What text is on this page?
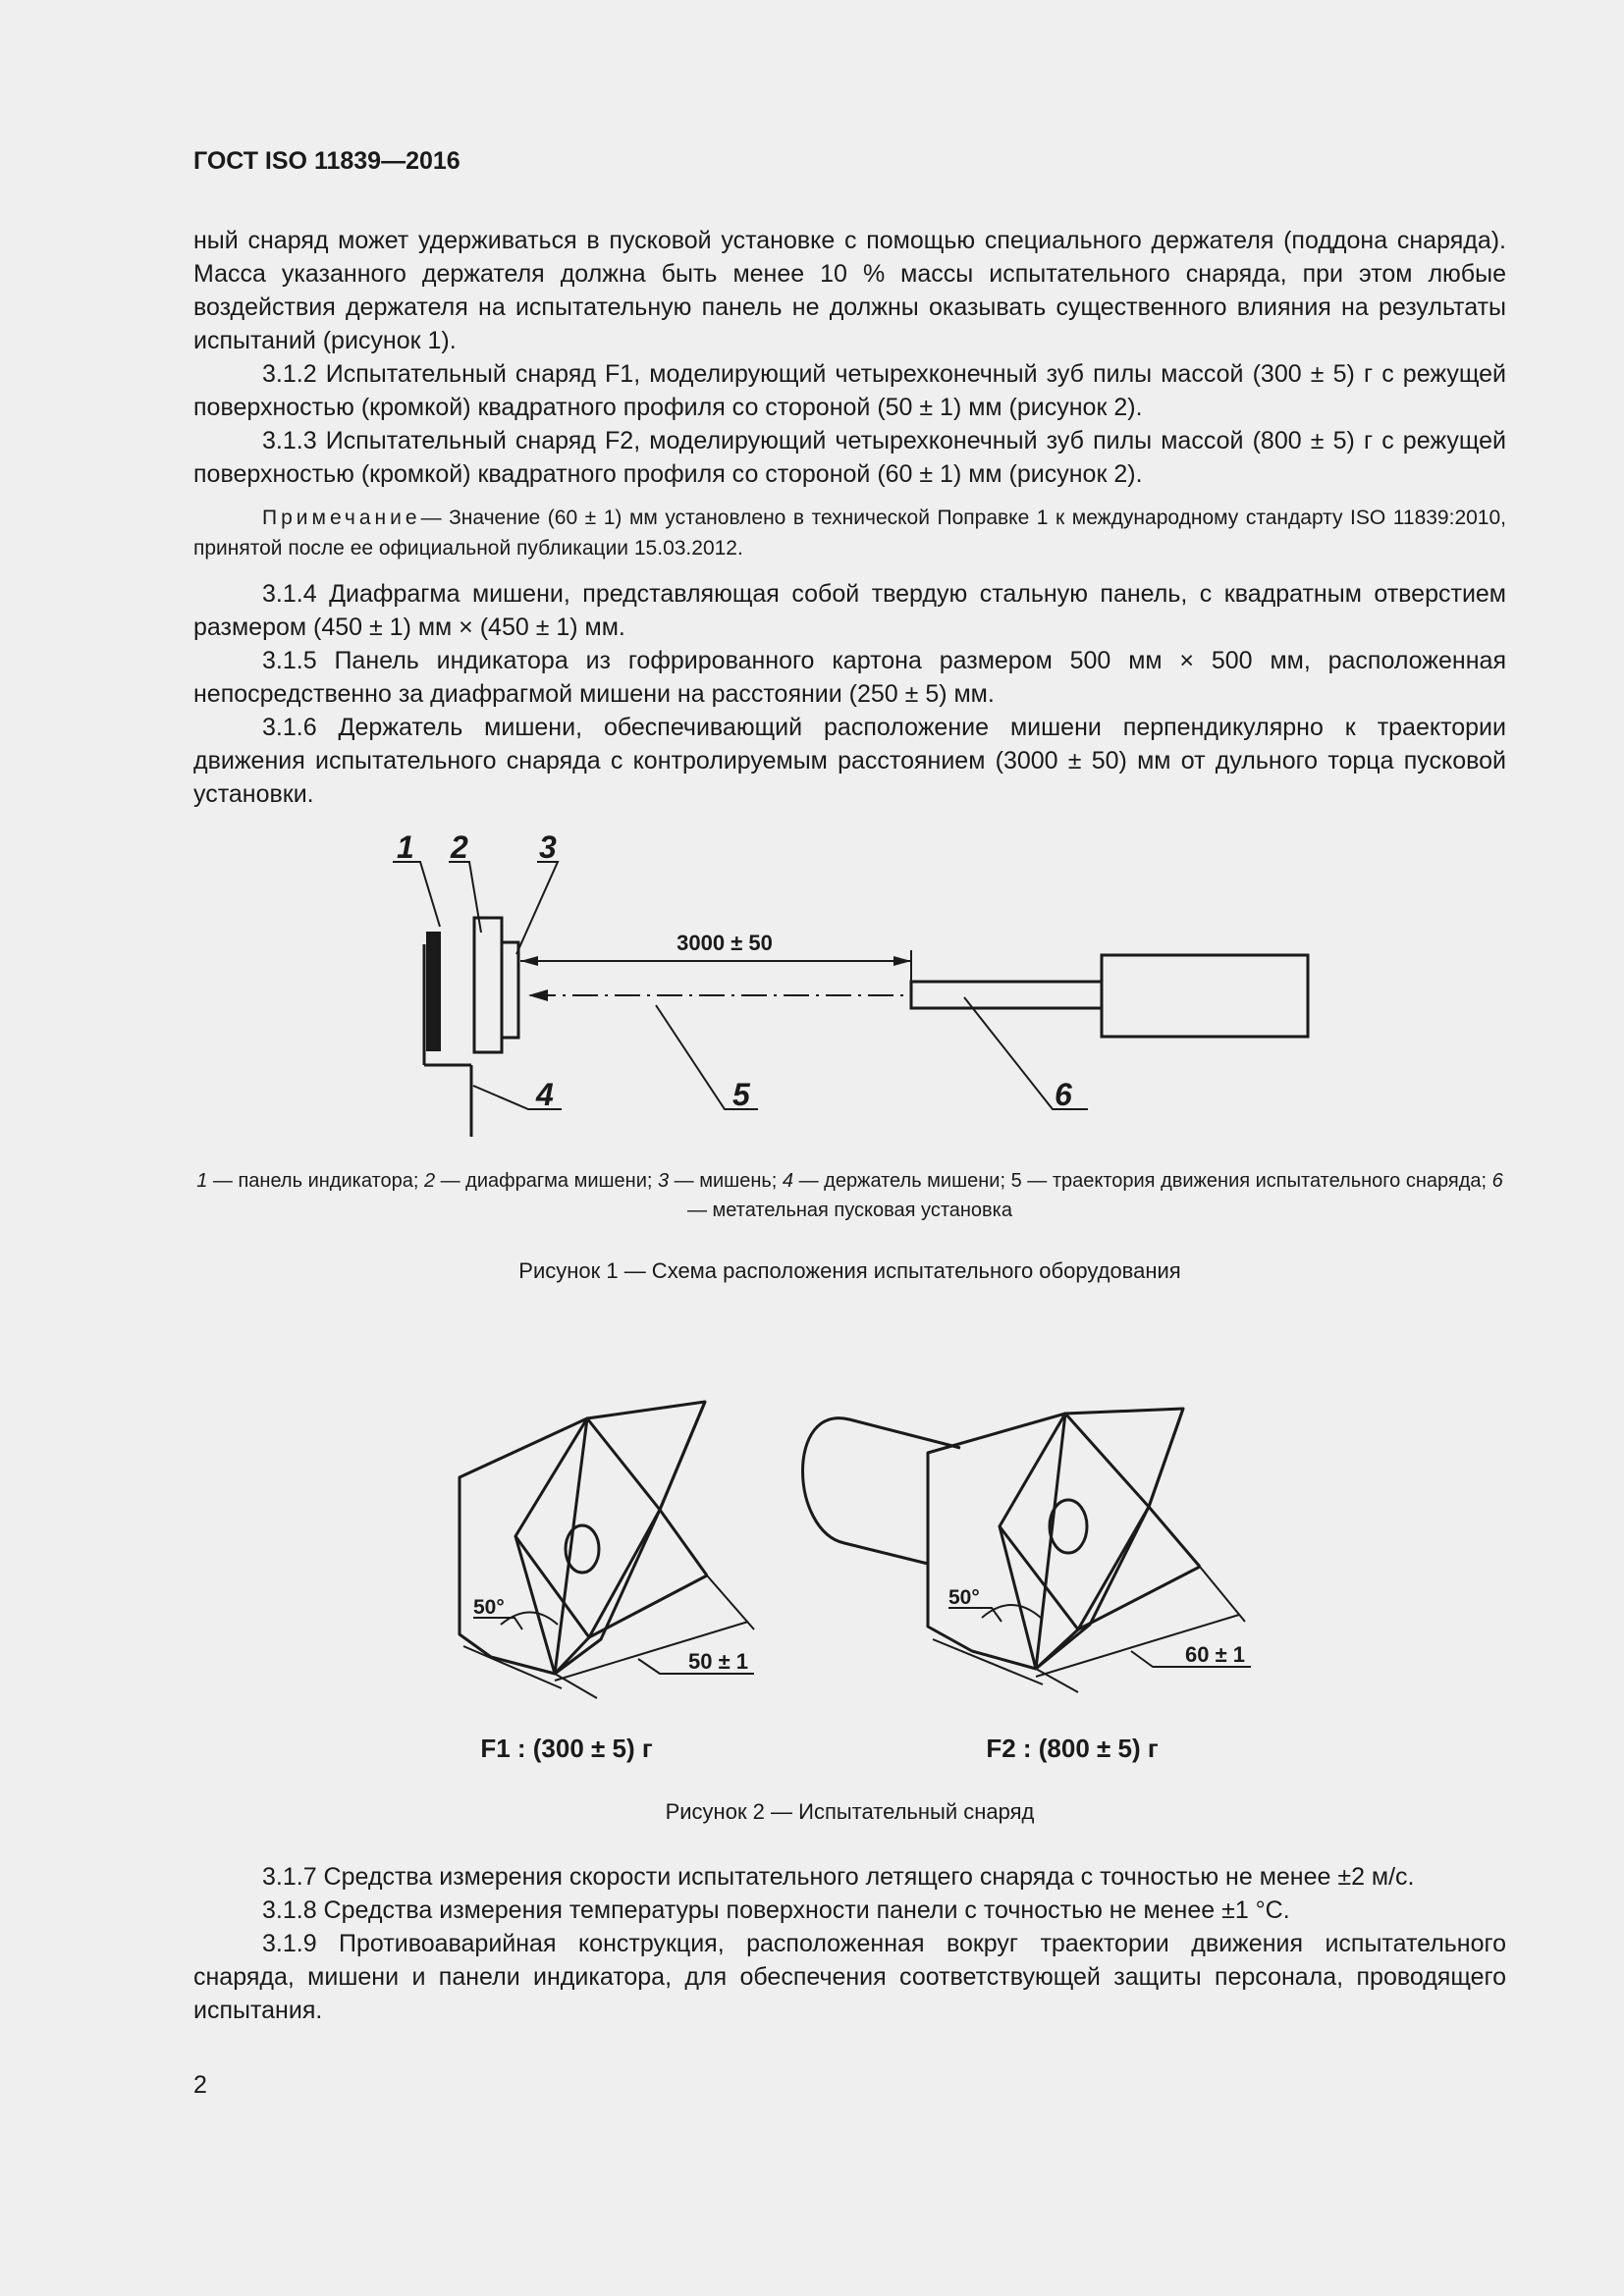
ГОСТ ISO 11839—2016

ный снаряд может удерживаться в пусковой установке с помощью специального держателя (поддона снаряда). Масса указанного держателя должна быть менее 10 % массы испытательного снаряда, при этом любые воздействия держателя на испытательную панель не должны оказывать существенного влияния на результаты испытаний (рисунок 1).

3.1.2 Испытательный снаряд F1, моделирующий четырехконечный зуб пилы массой (300 ± 5) г с режущей поверхностью (кромкой) квадратного профиля со стороной (50 ± 1) мм (рисунок 2).

3.1.3 Испытательный снаряд F2, моделирующий четырехконечный зуб пилы массой (800 ± 5) г с режущей поверхностью (кромкой) квадратного профиля со стороной (60 ± 1) мм (рисунок 2).

Примечание— Значение (60 ± 1) мм установлено в технической Поправке 1 к международному стандарту ISO 11839:2010, принятой после ее официальной публикации 15.03.2012.

3.1.4 Диафрагма мишени, представляющая собой твердую стальную панель, с квадратным отверстием размером (450 ± 1) мм × (450 ± 1) мм.

3.1.5 Панель индикатора из гофрированного картона размером 500 мм × 500 мм, расположенная непосредственно за диафрагмой мишени на расстоянии (250 ± 5) мм.

3.1.6 Держатель мишени, обеспечивающий расположение мишени перпендикулярно к траектории движения испытательного снаряда с контролируемым расстоянием (3000 ± 50) мм от дульного торца пусковой установки.

3000 ± 50
1 2 3
4	5	6
1 — панель индикатора; 2 — диафрагма мишени; 3 — мишень; 4 — держатель мишени; 5 — траектория движения испытательного снаряда; 6 — метательная пусковая установка
Рисунок 1 — Схема расположения испытательного оборудования
50°
50 ± 1
50°
60 ± 1
F1 : (300 ± 5) г	F2 : (800 ± 5) г
Рисунок 2 — Испытательный снаряд

3.1.7 Средства измерения скорости испытательного летящего снаряда с точностью не менее ±2 м/с.

3.1.8 Средства измерения температуры поверхности панели с точностью не менее ±1 °С.

3.1.9 Противоаварийная конструкция, расположенная вокруг траектории движения испытательного снаряда, мишени и панели индикатора, для обеспечения соответствующей защиты персонала, проводящего испытания.

2
